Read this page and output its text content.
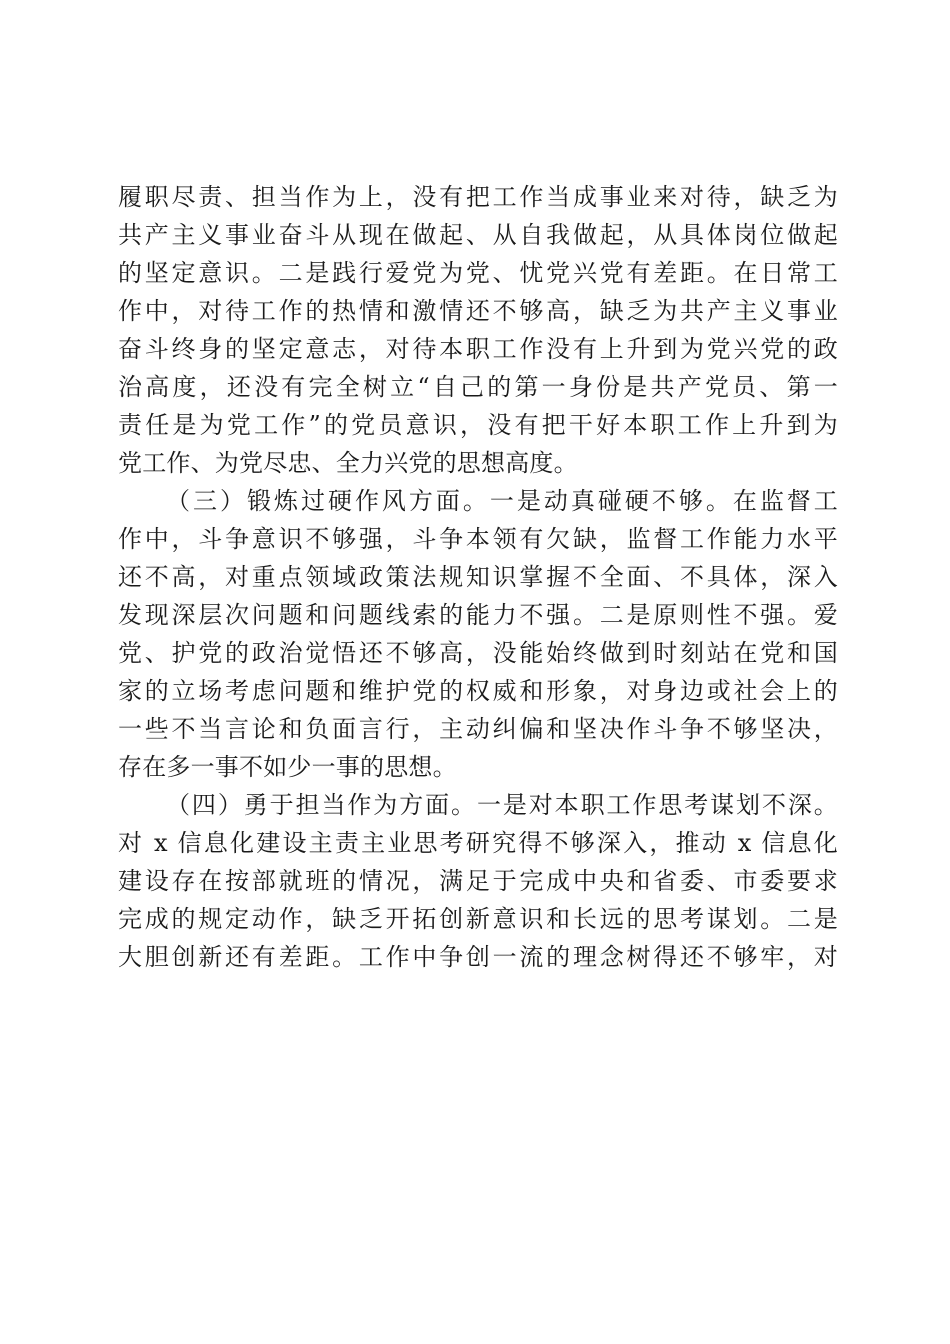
履职尽责、担当作为上，没有把工作当成事业来对待，缺乏为
共产主义事业奋斗从现在做起、从自我做起，从具体岗位做起
的坚定意识。二是践行爱党为党、忧党兴党有差距。在日常工
作中，对待工作的热情和激情还不够高，缺乏为共产主义事业
奋斗终身的坚定意志，对待本职工作没有上升到为党兴党的政
治高度，还没有完全树立“自己的第一身份是共产党员、第一
责任是为党工作”的党员意识，没有把干好本职工作上升到为
党工作、为党尽忠、全力兴党的思想高度。
（三）锻炼过硬作风方面。一是动真碰硬不够。在监督工
作中，斗争意识不够强，斗争本领有欠缺，监督工作能力水平
还不高，对重点领域政策法规知识掌握不全面、不具体，深入
发现深层次问题和问题线索的能力不强。二是原则性不强。爱
党、护党的政治觉悟还不够高，没能始终做到时刻站在党和国
家的立场考虑问题和维护党的权威和形象，对身边或社会上的
一些不当言论和负面言行，主动纠偏和坚决作斗争不够坚决，
存在多一事不如少一事的思想。
（四）勇于担当作为方面。一是对本职工作思考谋划不深。
对 x 信息化建设主责主业思考研究得不够深入，推动 x 信息化
建设存在按部就班的情况，满足于完成中央和省委、市委要求
完成的规定动作，缺乏开拓创新意识和长远的思考谋划。二是
大胆创新还有差距。工作中争创一流的理念树得还不够牢，对
